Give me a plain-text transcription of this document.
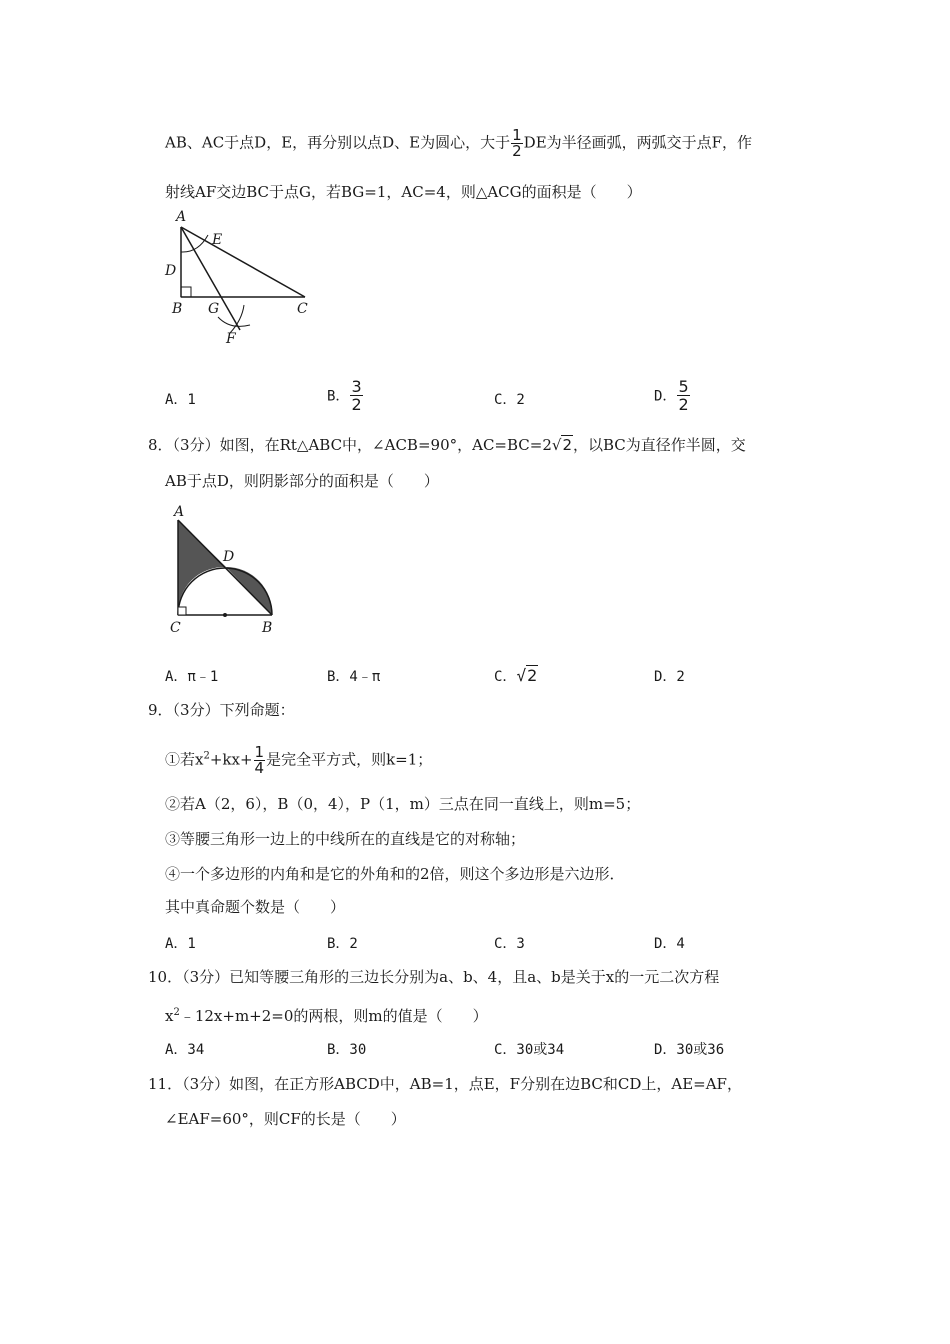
AB、AC于点D，E，再分别以点D、E为圆心，大于 $\frac{1}{2}$ DE为半径画弧，两弧交于点F，作
射线AF交边BC于点G，若BG=1，AC=4，则△ACG的面积是（　　）
A
E
D
B G	C
F
A．1	B． $\frac{3}{2}$	C．2	D． $\frac{5}{2}$
8．（3分）如图，在Rt△ABC中，∠ACB=90°，AC=BC=2√2，以BC为直径作半圆，交
AB于点D，则阴影部分的面积是（　　）
A
D
C	B
A．π﹣1	B．4﹣π	C．√2	D．2
9．（3分）下列命题：
①若$x^2+kx+ \frac{1}{4}$ 是完全平方式，则k=1；
②若A（2，6），B（0，4），P（1，m）三点在同一直线上，则m=5；
③等腰三角形一边上的中线所在的直线是它的对称轴；
④一个多边形的内角和是它的外角和的2倍，则这个多边形是六边形．
其中真命题个数是（　　）
A．1	B．2	C．3	D．4
10．（3分）已知等腰三角形的三边长分别为a、b、4，且a、b是关于x的一元二次方程
$x^2﹣12x+m+2=0$的两根，则m的值是（　　）
A．34	B．30	C．30或34	D．30或36
11．（3分）如图，在正方形ABCD中，AB=1，点E，F分别在边BC和CD上，AE=AF，
∠EAF=60°，则CF的长是（　　）
